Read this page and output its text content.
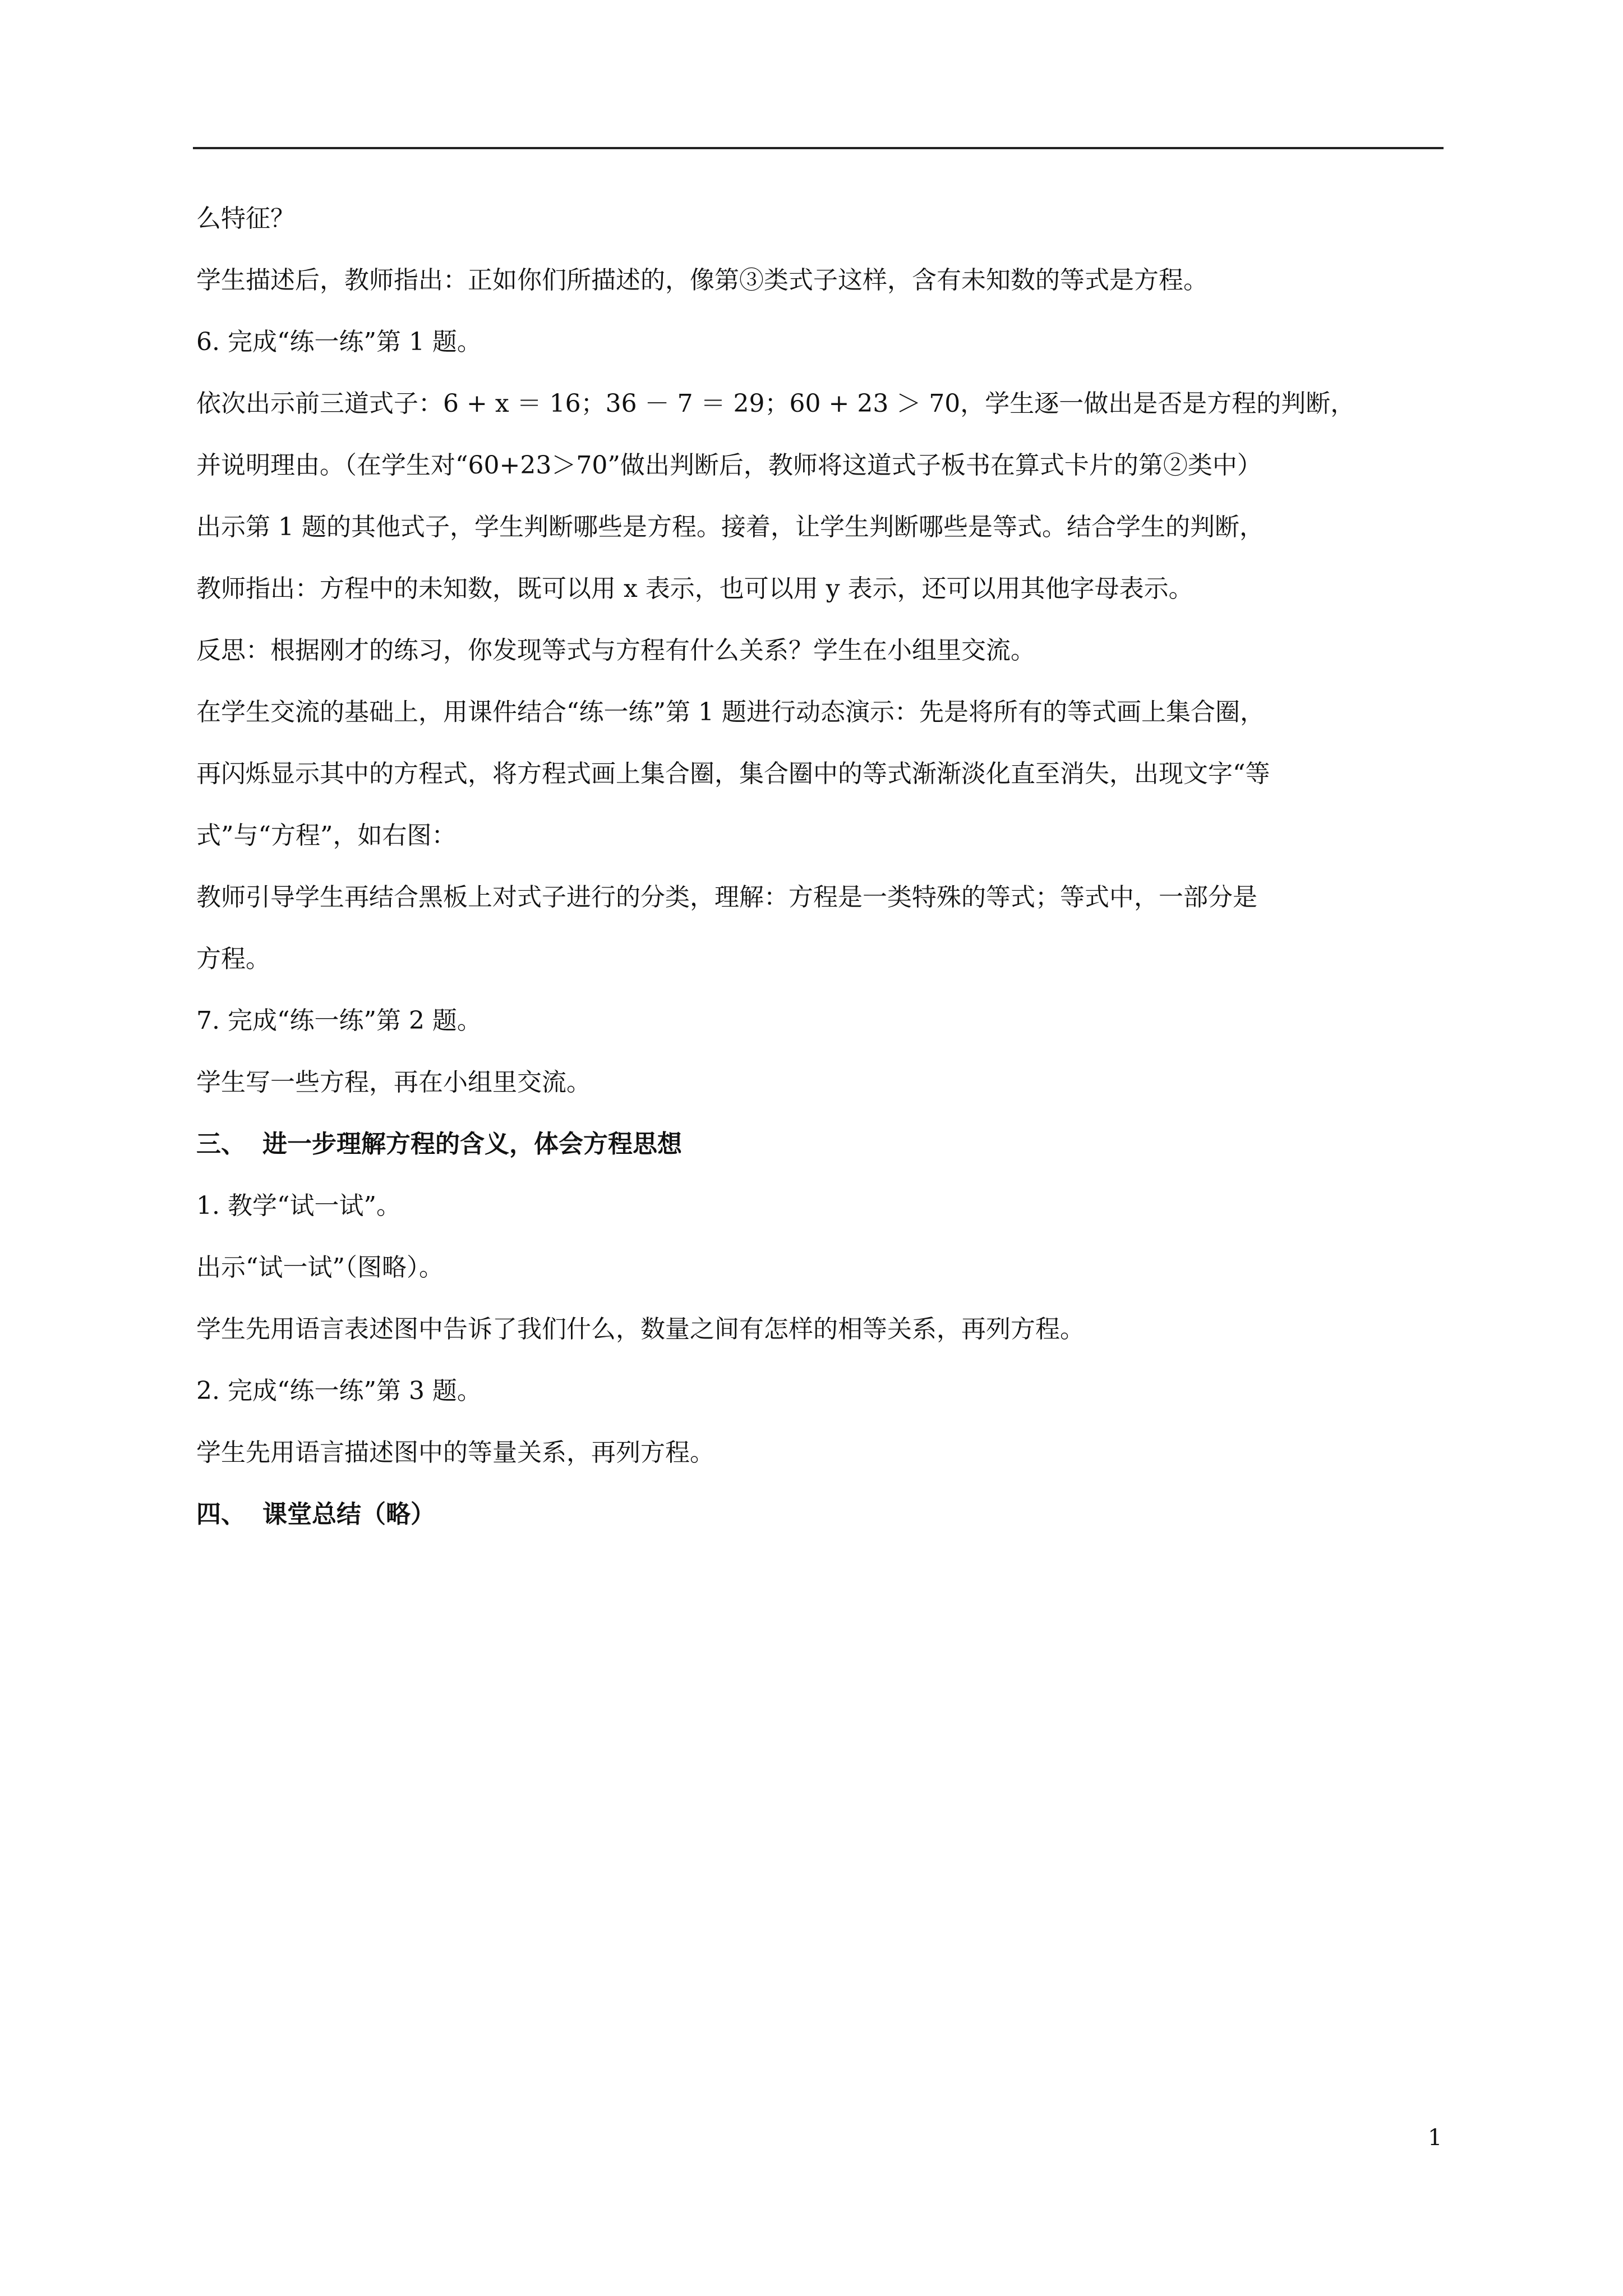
么特征？
学生描述后，教师指出：正如你们所描述的，像第③类式子这样，含有未知数的等式是方程。
6. 完成“练一练”第 1 题。
依次出示前三道式子：6 + x ＝ 16；36 － 7 ＝ 29；60 + 23 ＞ 70，学生逐一做出是否是方程的判断，
并说明理由。（在学生对“60+23＞70”做出判断后，教师将这道式子板书在算式卡片的第②类中）
出示第 1 题的其他式子，学生判断哪些是方程。接着，让学生判断哪些是等式。结合学生的判断，
教师指出：方程中的未知数，既可以用 x 表示，也可以用 y 表示，还可以用其他字母表示。
反思：根据刚才的练习，你发现等式与方程有什么关系？学生在小组里交流。
在学生交流的基础上，用课件结合“练一练”第 1 题进行动态演示：先是将所有的等式画上集合圈，
再闪烁显示其中的方程式，将方程式画上集合圈，集合圈中的等式渐渐淡化直至消失，出现文字“等
式”与“方程”，如右图：
教师引导学生再结合黑板上对式子进行的分类，理解：方程是一类特殊的等式；等式中，一部分是
方程。
7. 完成“练一练”第 2 题。
学生写一些方程，再在小组里交流。
三、 进一步理解方程的含义，体会方程思想
1. 教学“试一试”。
出示“试一试”（图略）。
学生先用语言表述图中告诉了我们什么，数量之间有怎样的相等关系，再列方程。
2. 完成“练一练”第 3 题。
学生先用语言描述图中的等量关系，再列方程。
四、 课堂总结（略）
1
